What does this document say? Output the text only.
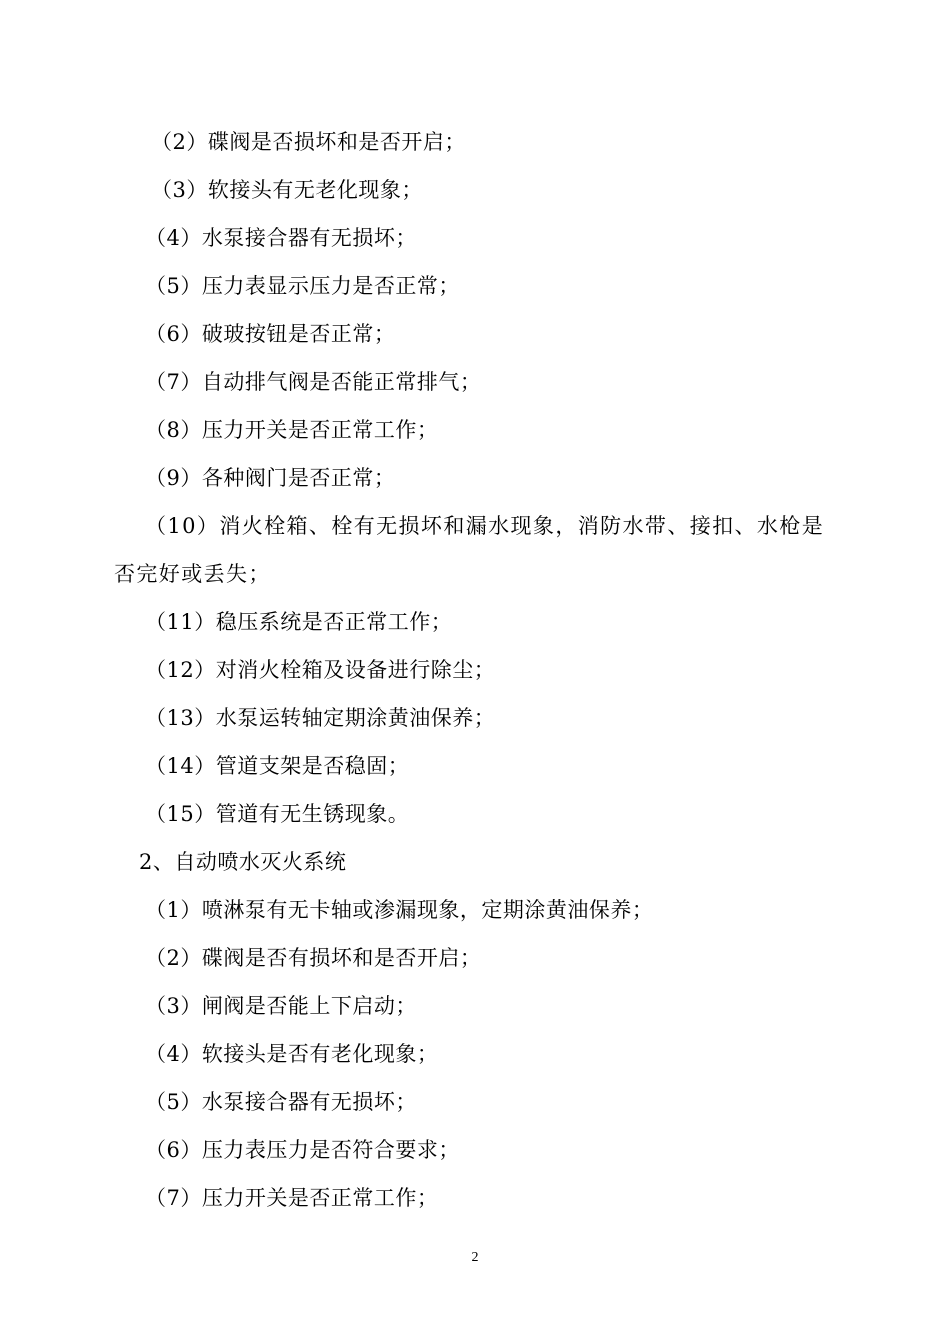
（2）碟阀是否损坏和是否开启；
（3）软接头有无老化现象；
（4）水泵接合器有无损坏；
（5）压力表显示压力是否正常；
（6）破玻按钮是否正常；
（7）自动排气阀是否能正常排气；
（8）压力开关是否正常工作；
（9）各种阀门是否正常；
（10）消火栓箱、栓有无损坏和漏水现象，消防水带、接扣、水枪是否完好或丢失；
（11）稳压系统是否正常工作；
（12）对消火栓箱及设备进行除尘；
（13）水泵运转轴定期涂黄油保养；
（14）管道支架是否稳固；
（15）管道有无生锈现象。
2、自动喷水灭火系统
（1）喷淋泵有无卡轴或渗漏现象，定期涂黄油保养；
（2）碟阀是否有损坏和是否开启；
（3）闸阀是否能上下启动；
（4）软接头是否有老化现象；
（5）水泵接合器有无损坏；
（6）压力表压力是否符合要求；
（7）压力开关是否正常工作；
2
